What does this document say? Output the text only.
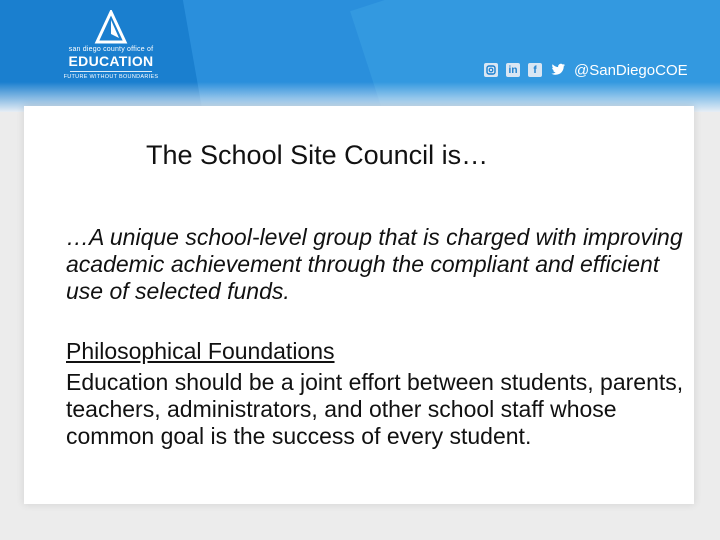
san diego county office of
EDUCATION
FUTURE WITHOUT BOUNDARIES
in	f	@SanDiegoCOE
The School Site Council is…
…A unique school-level group that is charged with improving academic achievement through the compliant and efficient use of selected funds.
Philosophical Foundations
Education should be a joint effort between students, parents, teachers, administrators, and other school staff whose common goal is the success of every student.
